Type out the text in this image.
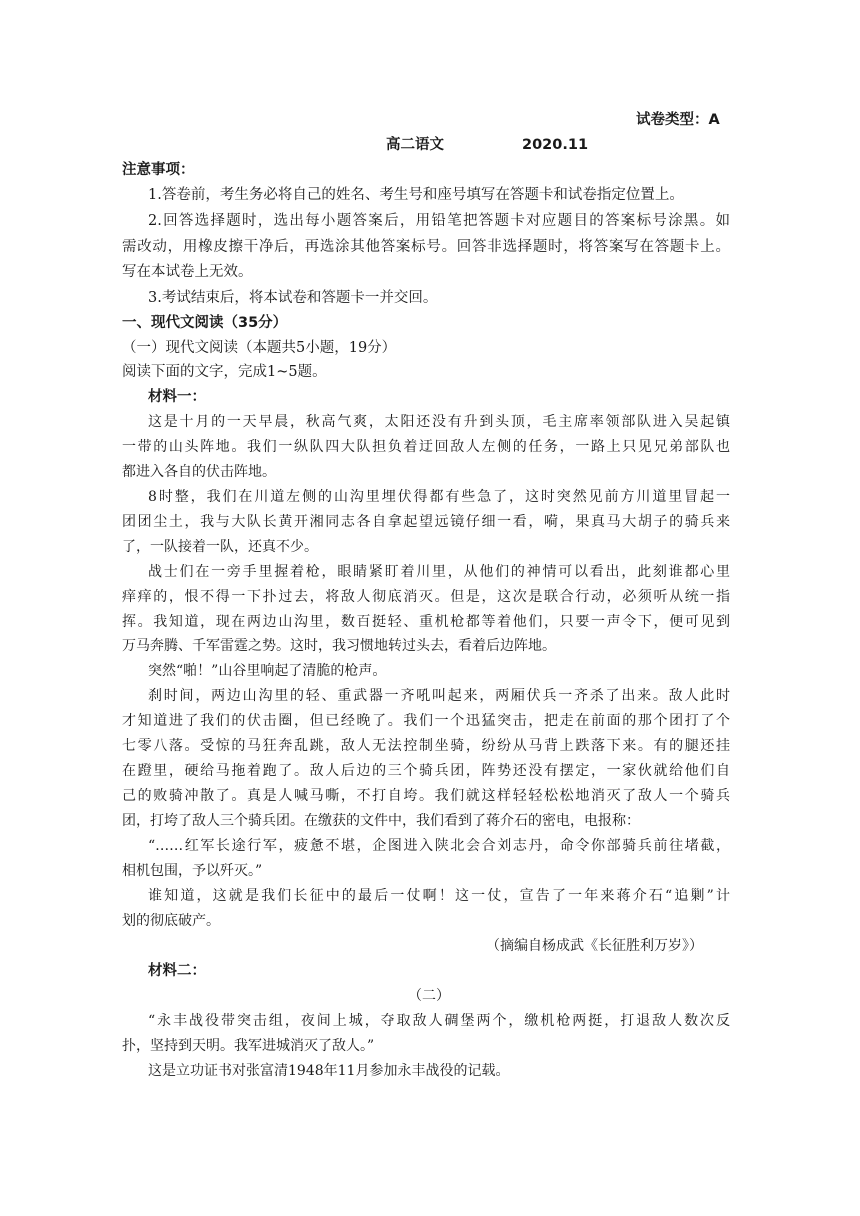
试卷类型：A
高二语文	2020.11
注意事项：
1.答卷前，考生务必将自己的姓名、考生号和座号填写在答题卡和试卷指定位置上。
2.回答选择题时，选出每小题答案后，用铅笔把答题卡对应题目的答案标号涂黑。如
需改动，用橡皮擦干净后，再选涂其他答案标号。回答非选择题时，将答案写在答题卡上。
写在本试卷上无效。
3.考试结束后，将本试卷和答题卡一并交回。
一、现代文阅读（35分）
（一）现代文阅读（本题共5小题，19分）
阅读下面的文字，完成1~5题。
材料一：
这是十月的一天早晨，秋高气爽，太阳还没有升到头顶，毛主席率领部队进入吴起镇
一带的山头阵地。我们一纵队四大队担负着迂回敌人左侧的任务，一路上只见兄弟部队也
都进入各自的伏击阵地。
8时整，我们在川道左侧的山沟里埋伏得都有些急了，这时突然见前方川道里冒起一
团团尘土，我与大队长黄开湘同志各自拿起望远镜仔细一看，嗬，果真马大胡子的骑兵来
了，一队接着一队，还真不少。
战士们在一旁手里握着枪，眼睛紧盯着川里，从他们的神情可以看出，此刻谁都心里
痒痒的，恨不得一下扑过去，将敌人彻底消灭。但是，这次是联合行动，必须听从统一指
挥。我知道，现在两边山沟里，数百挺轻、重机枪都等着他们，只要一声令下，便可见到
万马奔腾、千军雷霆之势。这时，我习惯地转过头去，看着后边阵地。
突然“啪！”山谷里响起了清脆的枪声。
刹时间，两边山沟里的轻、重武器一齐吼叫起来，两厢伏兵一齐杀了出来。敌人此时
才知道进了我们的伏击圈，但已经晚了。我们一个迅猛突击，把走在前面的那个团打了个
七零八落。受惊的马狂奔乱跳，敌人无法控制坐骑，纷纷从马背上跌落下来。有的腿还挂
在蹬里，硬给马拖着跑了。敌人后边的三个骑兵团，阵势还没有摆定，一家伙就给他们自
己的败骑冲散了。真是人喊马嘶，不打自垮。我们就这样轻轻松松地消灭了敌人一个骑兵
团，打垮了敌人三个骑兵团。在缴获的文件中，我们看到了蒋介石的密电，电报称：
“……红军长途行军，疲惫不堪，企图进入陕北会合刘志丹，命令你部骑兵前往堵截，
相机包围，予以歼灭。”
谁知道，这就是我们长征中的最后一仗啊！这一仗，宣告了一年来蒋介石“追剿”计
划的彻底破产。
（摘编自杨成武《长征胜利万岁》）
材料二：
（二）
“永丰战役带突击组，夜间上城，夺取敌人碉堡两个，缴机枪两挺，打退敌人数次反
扑，坚持到天明。我军进城消灭了敌人。”
这是立功证书对张富清1948年11月参加永丰战役的记载。
